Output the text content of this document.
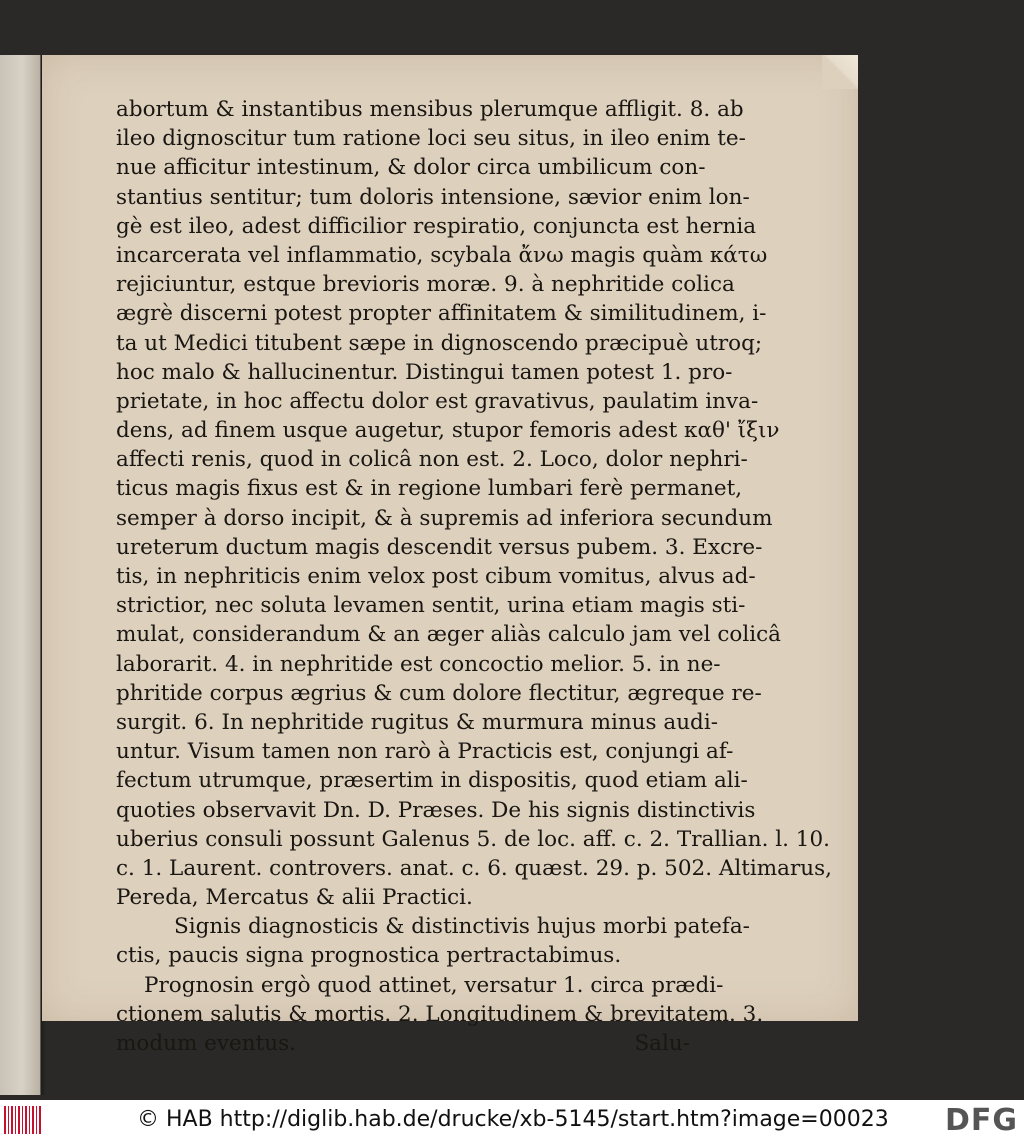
abortum & instantibus mensibus plerumque affligit. 8. ab
ileo dignoscitur tum ratione loci seu situs, in ileo enim te-
nue afficitur intestinum, & dolor circa umbilicum con-
stantius sentitur; tum doloris intensione, sævior enim lon-
gè est ileo, adest difficilior respiratio, conjuncta est hernia
incarcerata vel inflammatio, scybala ἄνω magis quàm κάτω
rejiciuntur, estque brevioris moræ. 9. à nephritide colica
ægrè discerni potest propter affinitatem & similitudinem, i-
ta ut Medici titubent sæpe in dignoscendo præcipuè utroq;
hoc malo & hallucinentur. Distingui tamen potest 1. pro-
prietate, in hoc affectu dolor est gravativus, paulatim inva-
dens, ad finem usque augetur, stupor femoris adest καθ' ἴξιν
affecti renis, quod in colicâ non est. 2. Loco, dolor nephri-
ticus magis fixus est & in regione lumbari ferè permanet,
semper à dorso incipit, & à supremis ad inferiora secundum
ureterum ductum magis descendit versus pubem. 3. Excre-
tis, in nephriticis enim velox post cibum vomitus, alvus ad-
strictior, nec soluta levamen sentit, urina etiam magis sti-
mulat, considerandum & an æger aliàs calculo jam vel colicâ
laborarit. 4. in nephritide est concoctio melior. 5. in ne-
phritide corpus ægrius & cum dolore flectitur, ægreque re-
surgit. 6. In nephritide rugitus & murmura minus audi-
untur. Visum tamen non rarò à Practicis est, conjungi af-
fectum utrumque, præsertim in dispositis, quod etiam ali-
quoties observavit Dn. D. Præses. De his signis distinctivis
uberius consuli possunt Galenus 5. de loc. aff. c. 2. Trallian. l. 10.
c. 1. Laurent. controvers. anat. c. 6. quæst. 29. p. 502. Altimarus,
Pereda, Mercatus & alii Practici.
Signis diagnosticis & distinctivis hujus morbi patefa-
ctis, paucis signa prognostica pertractabimus.
Prognosin ergò quod attinet, versatur 1. circa prædi-
ctionem salutis & mortis. 2. Longitudinem & brevitatem. 3.
modum eventus.	Salu-
© HAB http://diglib.hab.de/drucke/xb-5145/start.htm?image=00023 DFG
